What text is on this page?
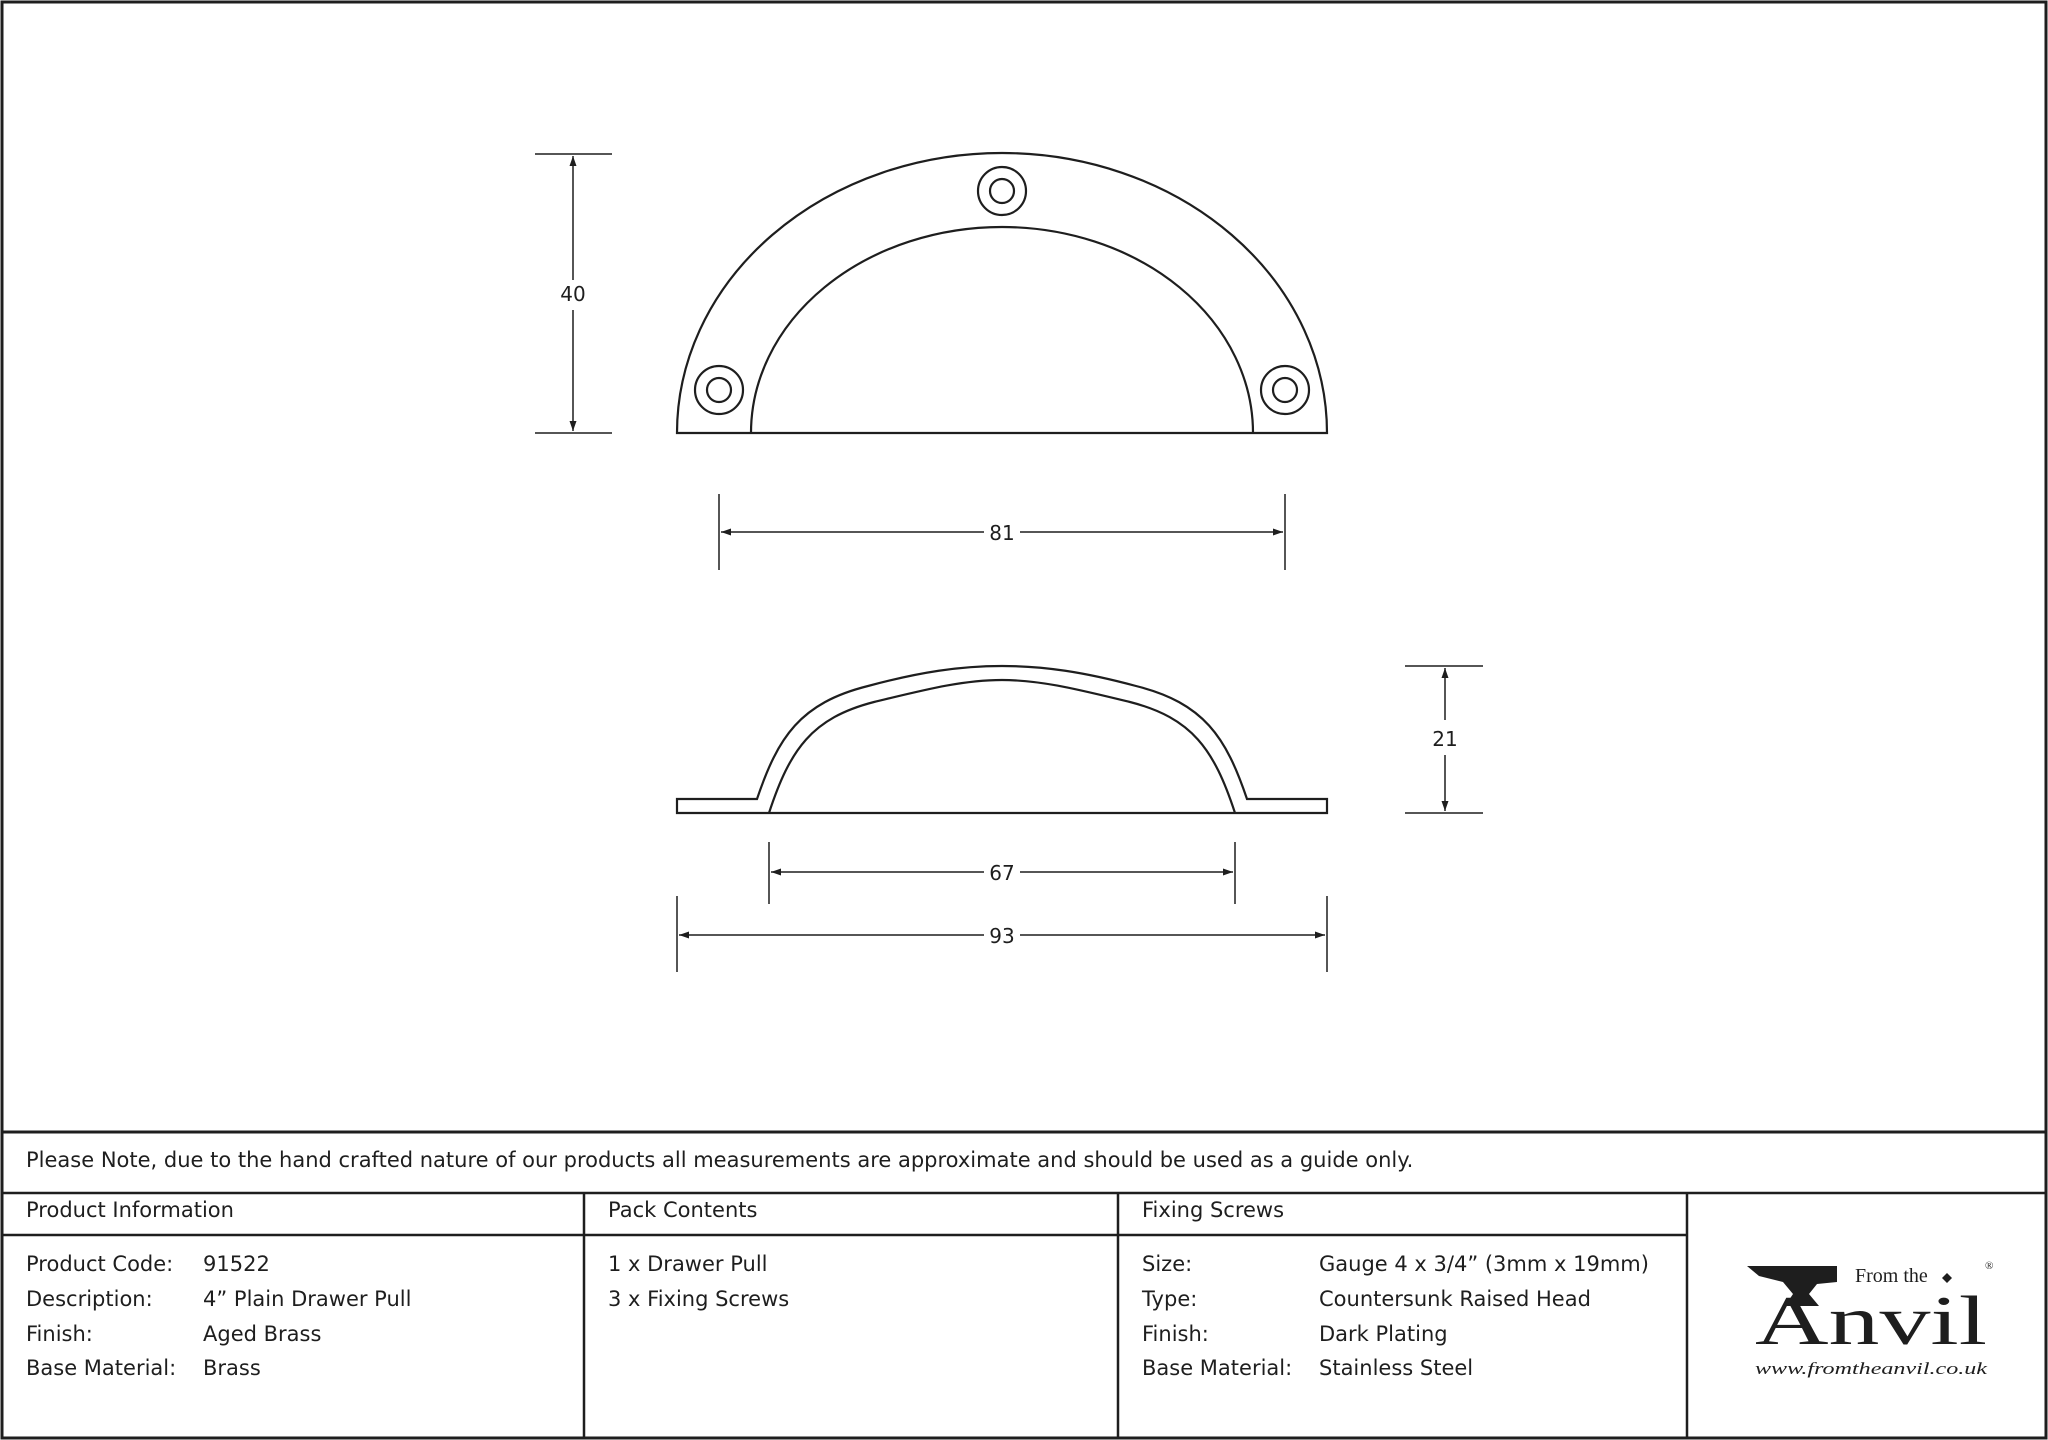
40
81
21
67
93
Please Note, due to the hand crafted nature of our products all measurements are approximate and should be used as a guide only.
Product Information
Product Code: 91522
Description: 4” Plain Drawer Pull
Finish:	Aged Brass
Base Material: Brass
Pack Contents
1 x Drawer Pull
3 x Fixing Screws
Fixing Screws
Size:	Gauge 4 x 3/4” (3mm x 19mm)
Type:	Countersunk Raised Head
Finish:	Dark Plating
Base Material: Stainless Steel
From the	®
Anvil
www.fromtheanvil.co.uk
